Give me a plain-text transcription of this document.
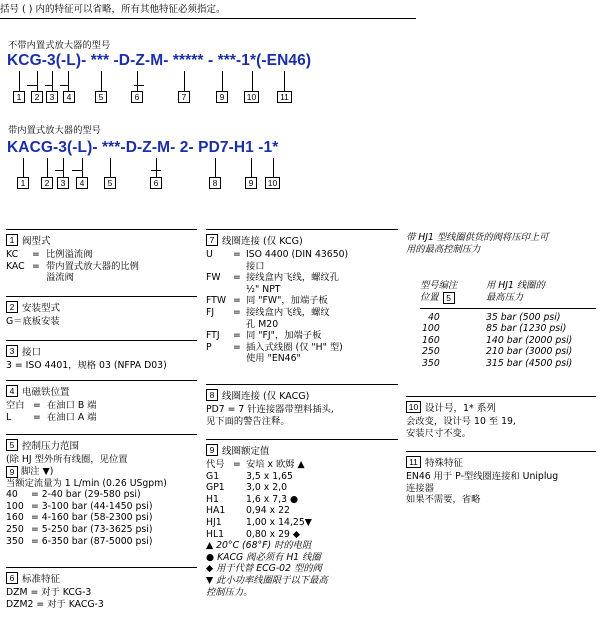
括号 ( ) 内的特征可以省略，所有其他特征必须指定。
不带内置式放大器的型号
KCG-3(-L)- *** -D-Z-M- ***** - ***-1*(-EN46)
1	2	3	4	5	6	7	9	10	11
带内置式放大器的型号
KACG-3(-L)- ***-D-Z-M- 2- PD7-H1 -1*
1	2	3	4	5	6	8	9	10
1 阀型式
KC	= 比例溢流阀
KAC = 带内置式放大器的比例
溢流阀
2 安装型式
G＝底板安装
3 接口
3 = ISO 4401，规格 03 (NFPA D03)
4 电磁铁位置
空白 = 在油口 B 端
L	= 在油口 A 端
5 控制压力范围
(除 HJ 型外所有线圈，见位置
9 脚注 ▼)
当额定流量为 1 L/min (0.26 USgpm)
40	= 2-40 bar (29-580 psi)
100 = 3-100 bar (44-1450 psi)
160 = 4-160 bar (58-2300 psi)
250 = 5-250 bar (73-3625 psi)
350 = 6-350 bar (87-5000 psi)
6 标准特征
DZM = 对于 KCG-3
DZM2 = 对于 KACG-3
7 线圈连接 (仅 KCG)
U	= ISO 4400 (DIN 43650)
接口
FW	= 接线盒内飞线，螺纹孔
½" NPT
FTW = 同 "FW"，加端子板
FJ	= 接线盒内飞线，螺纹
孔 M20
FTJ	= 同 "FJ"，加端子板
P	= 插入式线圈 (仅 "H" 型)
使用 "EN46"
8 线圈连接 (仅 KACG)
PD7 = 7 针连接器带塑料插头,
见下面的警告注释。
9 线圈额定值
代号 = 安培 x 欧姆 ▲
G1	3,5 x 1,65
GP1	3,0 x 2,0
H1	1,6 x 7,3 ●
HA1	0,94 x 22
HJ1	1,00 x 14,25▼
HL1	0,80 x 29 ◆
▲ 20°C (68°F) 时的电阻
● KACG 阀必须有 H1 线圈
◆ 用于代替 ECG-02 型的阀
▼ 此小功率线圈限于以下最高
控制压力。
带 HJ1 型线圈供货的阀将压印上可
用的最高控制压力
型号编注
位置 5
用 HJ1 线圈的
最高压力
40	35 bar (500 psi)
100	85 bar (1230 psi)
160	140 bar (2000 psi)
250	210 bar (3000 psi)
350	315 bar (4500 psi)
10 设计号，1* 系列
会改变，设计号 10 至 19,
安装尺寸不变。
11 特殊特征
EN46 用于 P-型线圈连接和 Uniplug
连接器
如果不需要，省略
